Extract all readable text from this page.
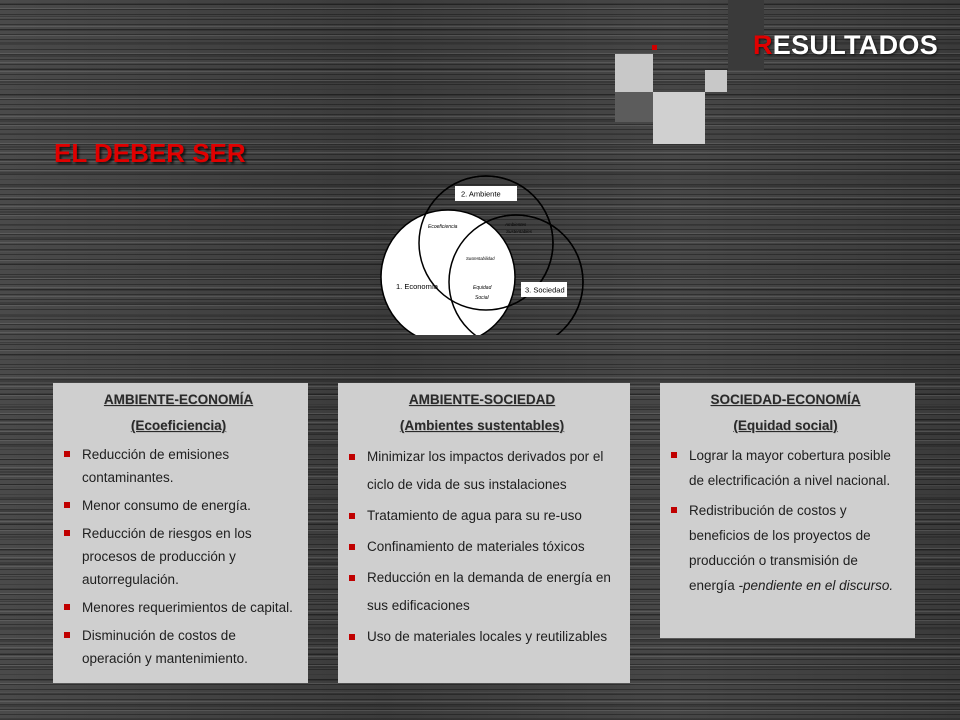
RESULTADOS
EL DEBER SER
2. Ambiente
3. Sociedad
1. Economía
Ecoeficiencia	Ambientes
Sustentables
Sustentabilidad
Equidad
Social
AMBIENTE-ECONOMÍA
(Ecoeficiencia)
Reducción de emisiones contaminantes.
Menor consumo de energía.
Reducción de riesgos en los procesos de producción y autorregulación.
Menores requerimientos de capital.
Disminución de costos de operación y mantenimiento.
AMBIENTE-SOCIEDAD
(Ambientes sustentables)
Minimizar los impactos derivados por el ciclo de vida de sus instalaciones
Tratamiento de agua para su re-uso
Confinamiento de materiales tóxicos
Reducción en la demanda de energía en sus edificaciones
Uso de materiales locales y reutilizables
SOCIEDAD-ECONOMÍA
(Equidad social)
Lograr la mayor cobertura posible de electrificación a nivel nacional.
Redistribución de costos y beneficios de los proyectos de producción o transmisión de energía -pendiente en el discurso.
